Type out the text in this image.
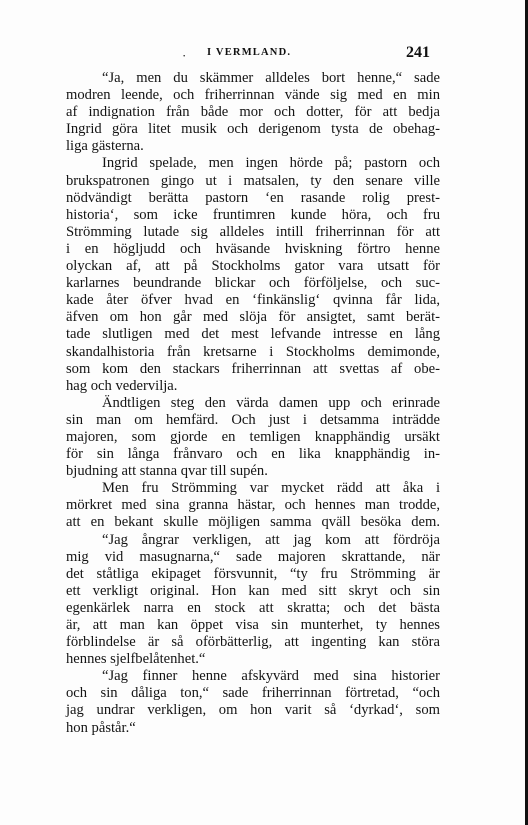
· I VERMLAND.	241
“Ja, men du skämmer alldeles bort henne,“ sade
modren leende, och friherrinnan vände sig med en min
af indignation från både mor och dotter, för att bedja
Ingrid göra litet musik och derigenom tysta de obehag-
liga gästerna.
Ingrid spelade, men ingen hörde på; pastorn och
brukspatronen gingo ut i matsalen, ty den senare ville
nödvändigt berätta pastorn ‘en rasande rolig prest-
historia‘, som icke fruntimren kunde höra, och fru
Strömming lutade sig alldeles intill friherrinnan för att
i en högljudd och hväsande hviskning förtro henne
olyckan af, att på Stockholms gator vara utsatt för
karlarnes beundrande blickar och förföljelse, och suc-
kade åter öfver hvad en ‘finkänslig‘ qvinna får lida,
äfven om hon går med slöja för ansigtet, samt berät-
tade slutligen med det mest lefvande intresse en lång
skandalhistoria från kretsarne i Stockholms demimonde,
som kom den stackars friherrinnan att svettas af obe-
hag och vedervilja.
Ändtligen steg den värda damen upp och erinrade
sin man om hemfärd. Och just i detsamma inträdde
majoren, som gjorde en temligen knapphändig ursäkt
för sin långa frånvaro och en lika knapphändig in-
bjudning att stanna qvar till supén.
Men fru Strömming var mycket rädd att åka i
mörkret med sina granna hästar, och hennes man trodde,
att en bekant skulle möjligen samma qväll besöka dem.
“Jag ångrar verkligen, att jag kom att fördröja
mig vid masugnarna,“ sade majoren skrattande, när
det ståtliga ekipaget försvunnit, “ty fru Strömming är
ett verkligt original. Hon kan med sitt skryt och sin
egenkärlek narra en stock att skratta; och det bästa
är, att man kan öppet visa sin munterhet, ty hennes
förblindelse är så oförbätterlig, att ingenting kan störa
hennes sjelfbelåtenhet.“
“Jag finner henne afskyvärd med sina historier
och sin dåliga ton,“ sade friherrinnan förtretad, “och
jag undrar verkligen, om hon varit så ‘dyrkad‘, som
hon påstår.“
